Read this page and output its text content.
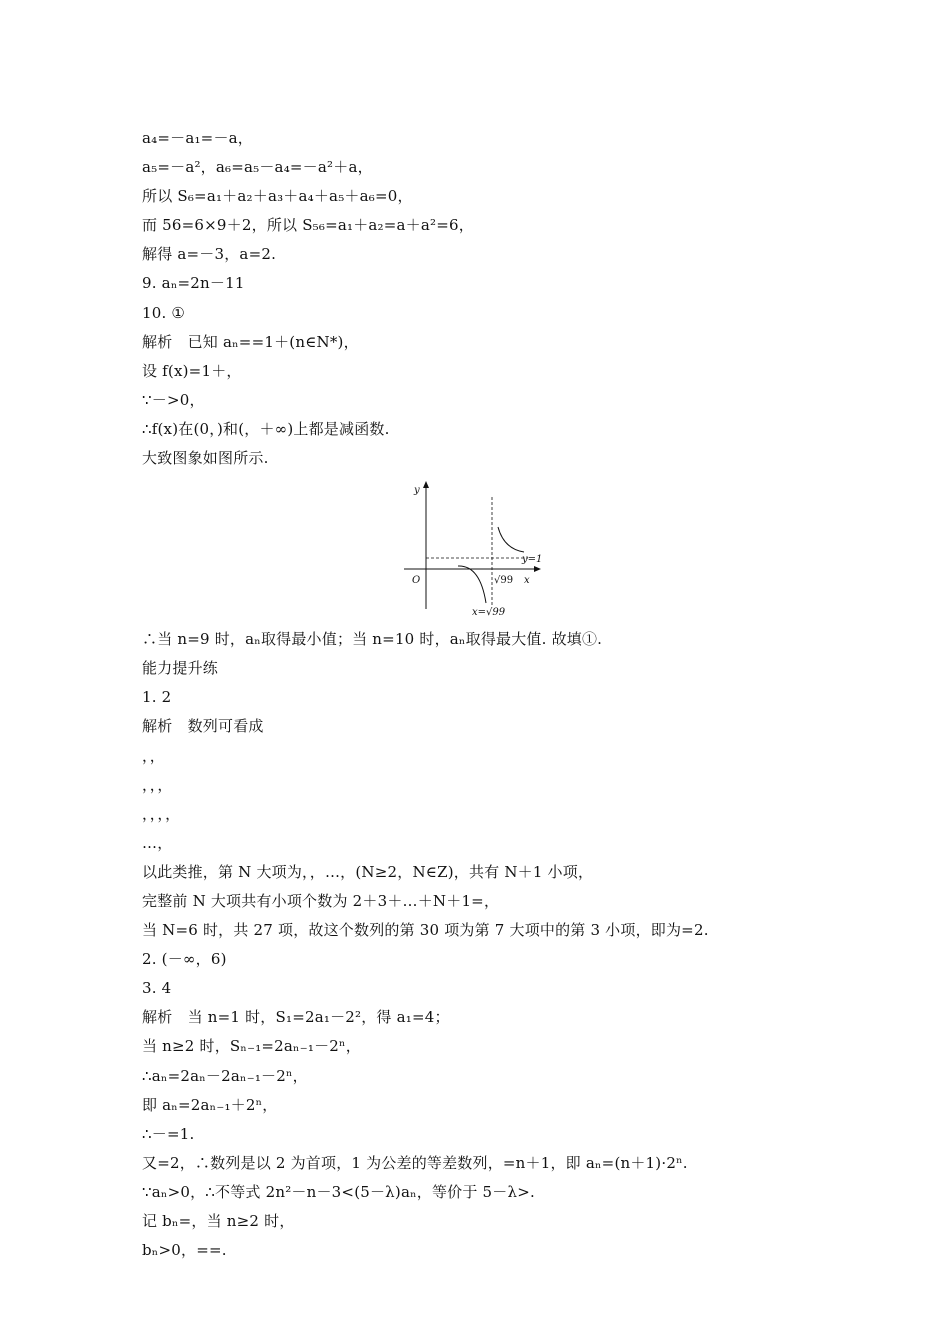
a₄=－a₁=－a，
a₅=－a²，a₆=a₅－a₄=－a²＋a，
所以 S₆=a₁＋a₂＋a₃＋a₄＋a₅＋a₆=0，
而 56=6×9＋2，所以 S₅₆=a₁＋a₂=a＋a²=6，
解得 a=－3，a=2.
9. aₙ=2n－11
10. ①
解析　已知 aₙ==1＋(n∈N*)，
设 f(x)=1＋，
∵－>0，
∴f(x)在(0，)和(，＋∞)上都是减函数.
大致图象如图所示.
y
x
O
y=1
√99
x=√99
∴当 n=9 时，aₙ取得最小值；当 n=10 时，aₙ取得最大值. 故填①.
能力提升练
1. 2
解析　数列可看成
，，
，，，
，，，，
…，
以此类推，第 N 大项为，，…，(N≥2，N∈Z)，共有 N＋1 小项，
完整前 N 大项共有小项个数为 2＋3＋…＋N＋1=，
当 N=6 时，共 27 项，故这个数列的第 30 项为第 7 大项中的第 3 小项，即为=2.
2. (－∞，6)
3. 4
解析　当 n=1 时，S₁=2a₁－2²，得 a₁=4；
当 n≥2 时，Sₙ₋₁=2aₙ₋₁－2ⁿ，
∴aₙ=2aₙ－2aₙ₋₁－2ⁿ，
即 aₙ=2aₙ₋₁＋2ⁿ，
∴－=1.
又=2，∴数列是以 2 为首项，1 为公差的等差数列，=n＋1，即 aₙ=(n＋1)·2ⁿ.
∵aₙ>0，∴不等式 2n²－n－3<(5－λ)aₙ，等价于 5－λ>.
记 bₙ=，当 n≥2 时，
bₙ>0，==.
